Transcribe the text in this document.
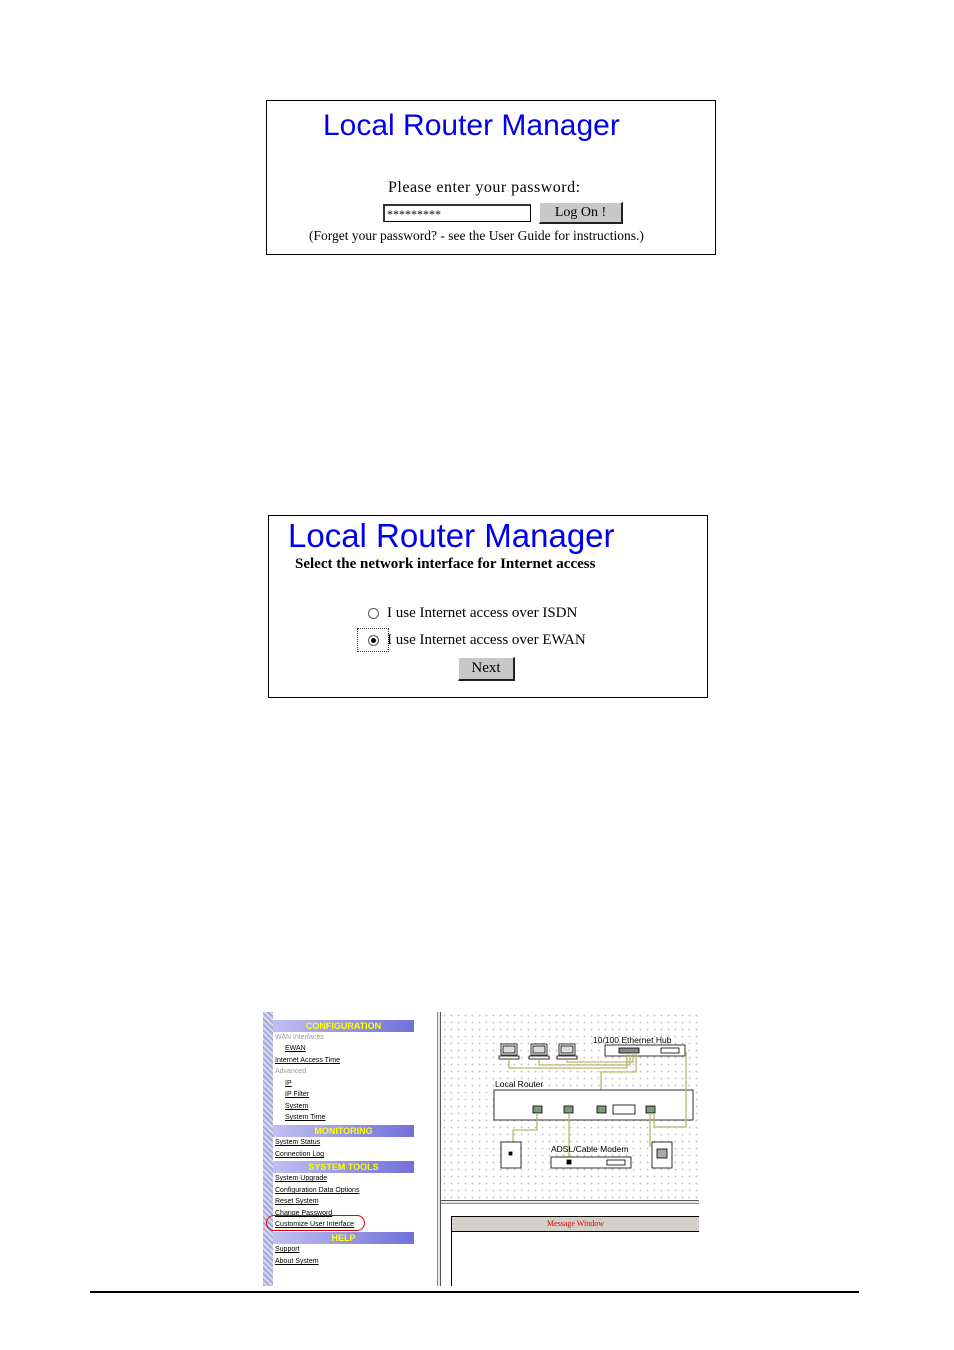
Local Router Manager
Please enter your password:
*********	Log On !
(Forget your password? - see the User Guide for instructions.)
Local Router Manager
Select the network interface for Internet access
I use Internet access over ISDN
I use Internet access over EWAN
Next
CONFIGURATION
WAN Interfaces
EWAN
Internet Access Time
Advanced
IP
IP Filter
System
System Time
MONITORING
System Status
Connection Log
SYSTEM TOOLS
System Upgrade
Configuration Data Options
Reset System
Change Password
Customize User Interface
HELP
Support
About System
10/100 Ethernet Hub
Local Router
ADSL/Cable Modem
Message Window
